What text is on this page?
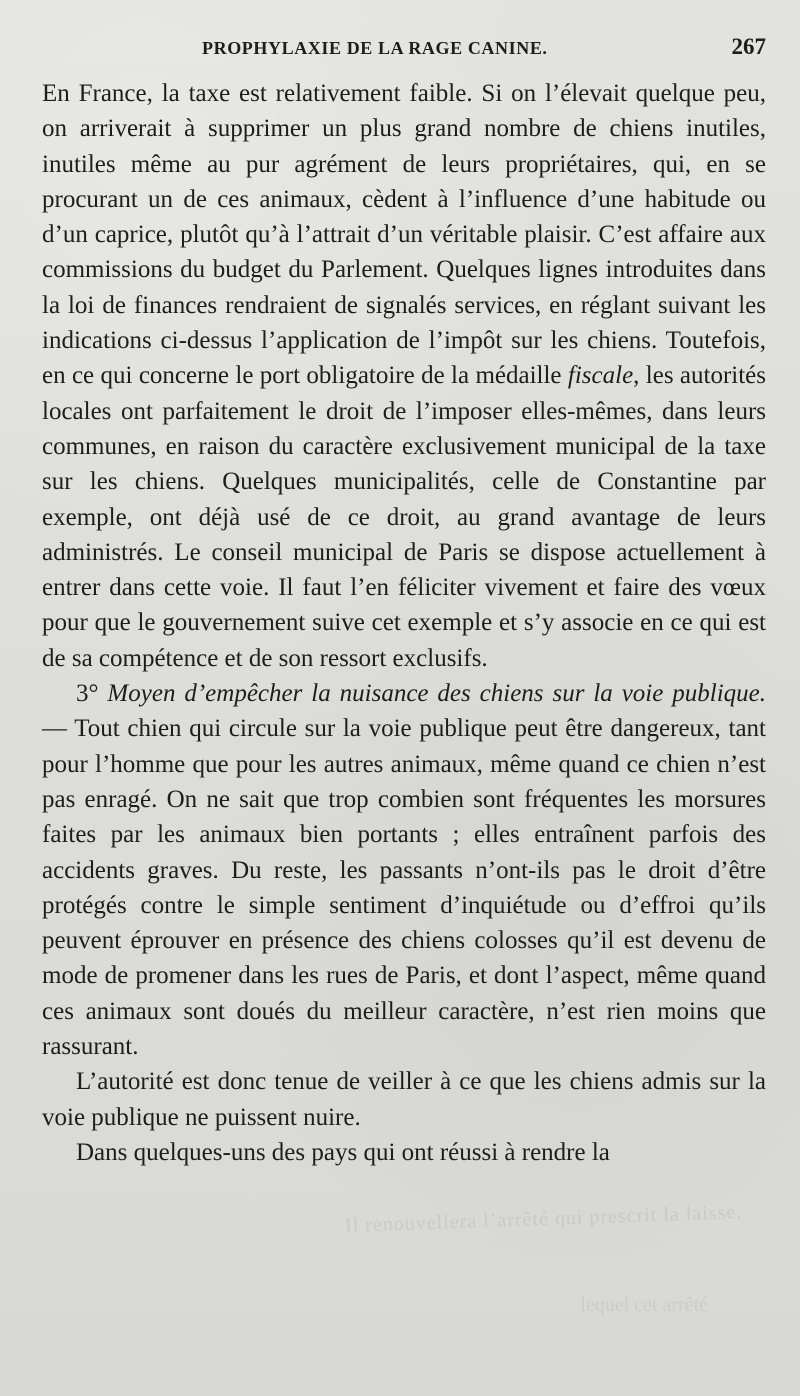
PROPHYLAXIE DE LA RAGE CANINE.	267

En France, la taxe est relativement faible. Si on l’élevait quelque peu, on arriverait à supprimer un plus grand nombre de chiens inutiles, inutiles même au pur agrément de leurs propriétaires, qui, en se procurant un de ces animaux, cèdent à l’influence d’une habitude ou d’un caprice, plutôt qu’à l’attrait d’un véritable plaisir. C’est affaire aux commissions du budget du Parlement. Quelques lignes introduites dans la loi de finances rendraient de signalés services, en réglant suivant les indications ci-dessus l’application de l’impôt sur les chiens. Toutefois, en ce qui concerne le port obligatoire de la médaille fiscale, les autorités locales ont parfaitement le droit de l’imposer elles-mêmes, dans leurs communes, en raison du caractère exclusivement municipal de la taxe sur les chiens. Quelques municipalités, celle de Constantine par exemple, ont déjà usé de ce droit, au grand avantage de leurs administrés. Le conseil municipal de Paris se dispose actuellement à entrer dans cette voie. Il faut l’en féliciter vivement et faire des vœux pour que le gouvernement suive cet exemple et s’y associe en ce qui est de sa compétence et de son ressort exclusifs.

3° Moyen d’empêcher la nuisance des chiens sur la voie publique. — Tout chien qui circule sur la voie publique peut être dangereux, tant pour l’homme que pour les autres animaux, même quand ce chien n’est pas enragé. On ne sait que trop combien sont fréquentes les morsures faites par les animaux bien portants ; elles entraînent parfois des accidents graves. Du reste, les passants n’ont-ils pas le droit d’être protégés contre le simple sentiment d’inquiétude ou d’effroi qu’ils peuvent éprouver en présence des chiens colosses qu’il est devenu de mode de promener dans les rues de Paris, et dont l’aspect, même quand ces animaux sont doués du meilleur caractère, n’est rien moins que rassurant.

L’autorité est donc tenue de veiller à ce que les chiens admis sur la voie publique ne puissent nuire.

Dans quelques-uns des pays qui ont réussi à rendre la

Il renouvellera l’arrêté qui prescrit la laisse.
lequel cet arrêté
